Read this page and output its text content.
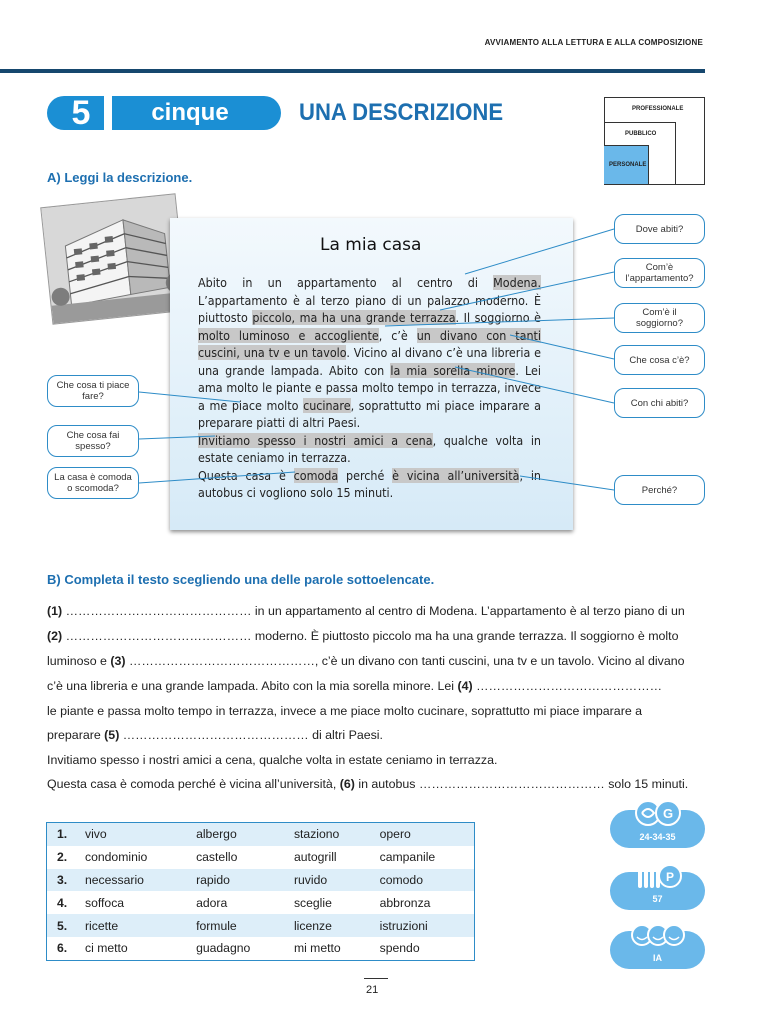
AVVIAMENTO ALLA LETTURA E ALLA COMPOSIZIONE
5	cinque	UNA DESCRIZIONE	PROFESSIONALE
PUBBLICO
PERSONALE
A) Leggi la descrizione.
La mia casa
Abito in un appartamento al centro di Modena. L’appartamento è al terzo piano di un palazzo moderno. È piuttosto piccolo, ma ha una grande terrazza. Il soggiorno è molto luminoso e accogliente, c’è un divano con tanti cuscini, una tv e un tavolo. Vicino al divano c’è una libreria e una grande lampada. Abito con la mia sorella minore. Lei ama molto le piante e passa molto tempo in terrazza, invece a me piace molto cucinare, soprattutto mi piace imparare a preparare piatti di altri Paesi.
Invitiamo spesso i nostri amici a cena, qualche volta in estate ceniamo in terrazza.
Questa casa è comoda perché è vicina all’università, in autobus ci vogliono solo 15 minuti.
Dove abiti?
Com’è l’appartamento?
Com’è il soggiorno?
Che cosa c’è?
Con chi abiti?
Perché?
Che cosa ti piace fare?
Che cosa fai spesso?
La casa è comoda o scomoda?
B) Completa il testo scegliendo una delle parole sottoelencate.
(1) ……………………………………… in un appartamento al centro di Modena. L’appartamento è al terzo piano di un
(2) ……………………………………… moderno. È piuttosto piccolo ma ha una grande terrazza. Il soggiorno è molto
luminoso e (3) ………………………………………, c’è un divano con tanti cuscini, una tv e un tavolo. Vicino al divano
c’è una libreria e una grande lampada. Abito con la mia sorella minore. Lei (4) ………………………………………
le piante e passa molto tempo in terrazza, invece a me piace molto cucinare, soprattutto mi piace imparare a
preparare (5) ……………………………………… di altri Paesi.
Invitiamo spesso i nostri amici a cena, qualche volta in estate ceniamo in terrazza.
Questa casa è comoda perché è vicina all’università, (6) in autobus ……………………………………… solo 15 minuti.
1.	vivo	albergo	staziono	opero
2.	condominio	castello	autogrill	campanile
3.	necessario	rapido	ruvido	comodo
4.	soffoca	adora	sceglie	abbronza
5.	ricette	formule	licenze	istruzioni
6.	ci metto	guadagno	mi metto	spendo
G
24-34-35
P
57
IA
21
